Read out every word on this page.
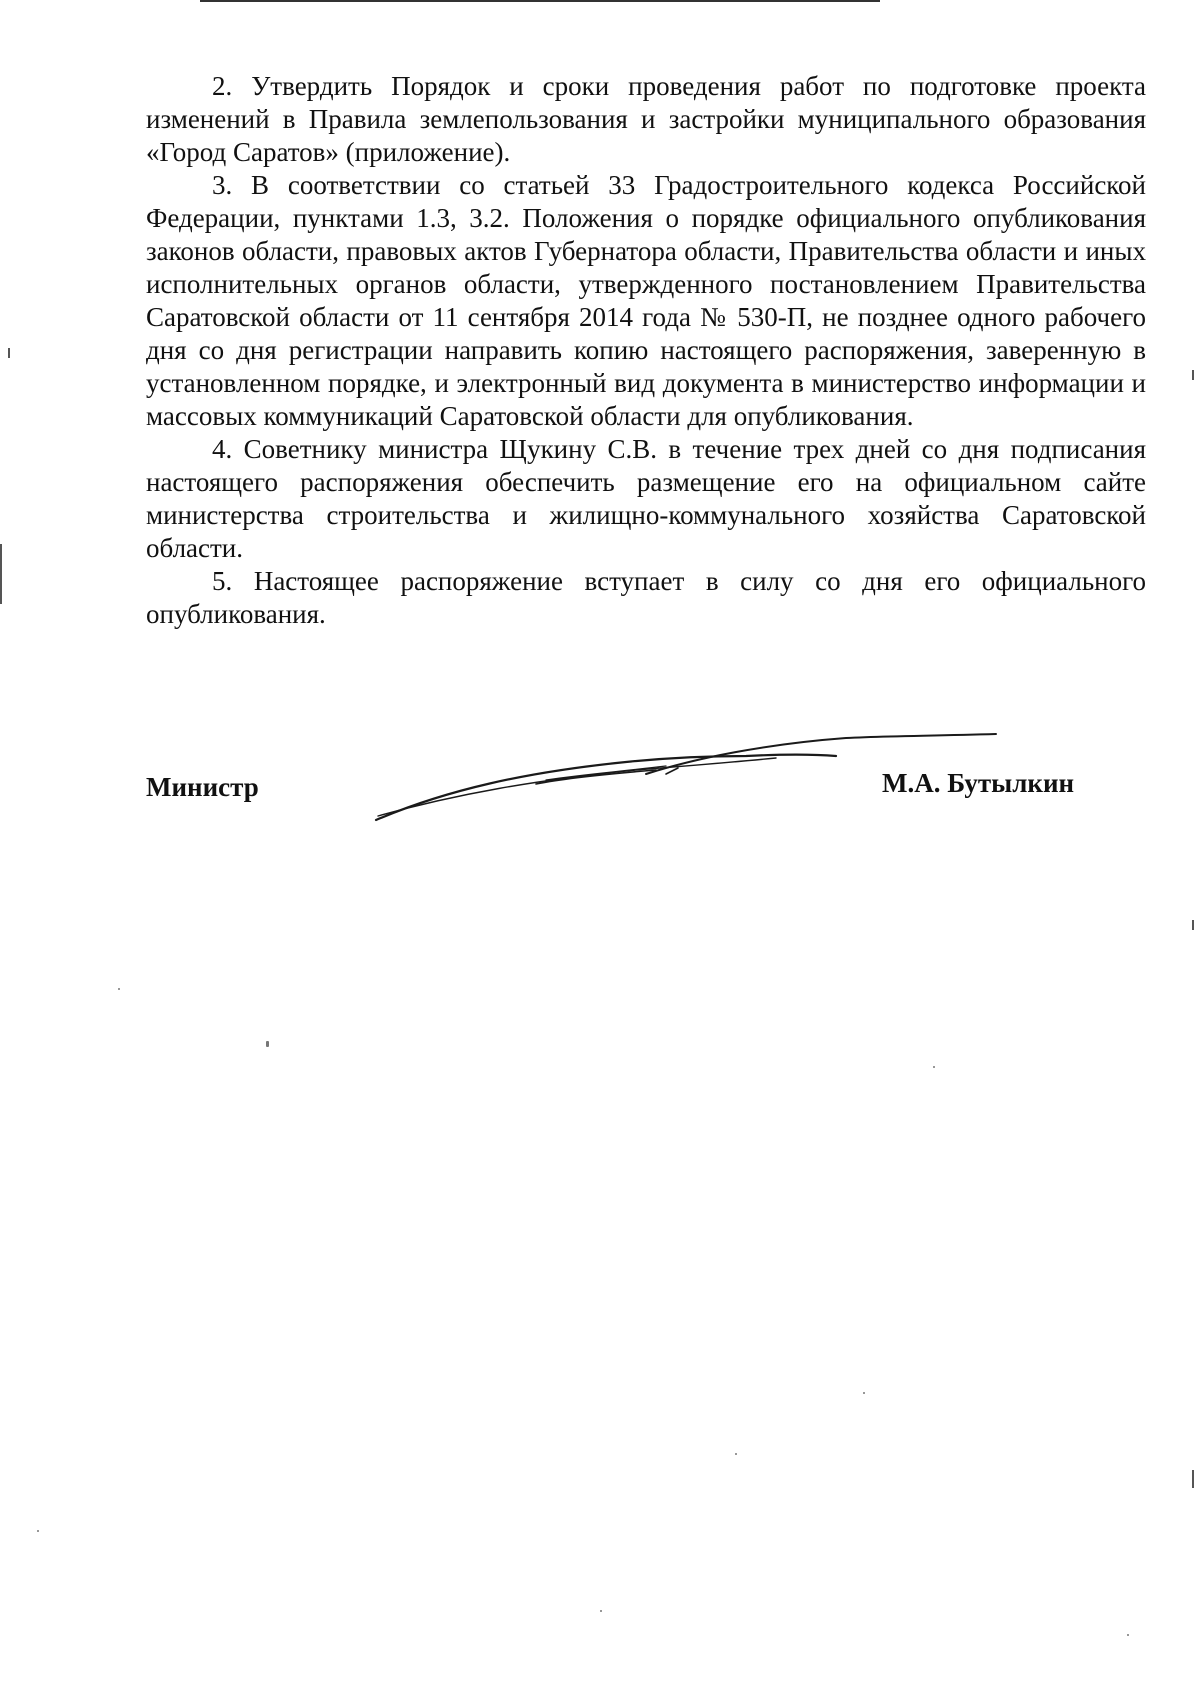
2. Утвердить Порядок и сроки проведения работ по подготовке проекта изменений в Правила землепользования и застройки муниципального образования «Город Саратов» (приложение).

3. В соответствии со статьей 33 Градостроительного кодекса Российской Федерации, пунктами 1.3, 3.2. Положения о порядке официального опубликования законов области, правовых актов Губернатора области, Правительства области и иных исполнительных органов области, утвержденного постановлением Правительства Саратовской области от 11 сентября 2014 года № 530-П, не позднее одного рабочего дня со дня регистрации направить копию настоящего распоряжения, заверенную в установленном порядке, и электронный вид документа в министерство информации и массовых коммуникаций Саратовской области для опубликования.

4. Советнику министра Щукину С.В. в течение трех дней со дня подписания настоящего распоряжения обеспечить размещение его на официальном сайте министерства строительства и жилищно-коммунального хозяйства Саратовской области.

5. Настоящее распоряжение вступает в силу со дня его официального опубликования.

Министр	М.А. Бутылкин
